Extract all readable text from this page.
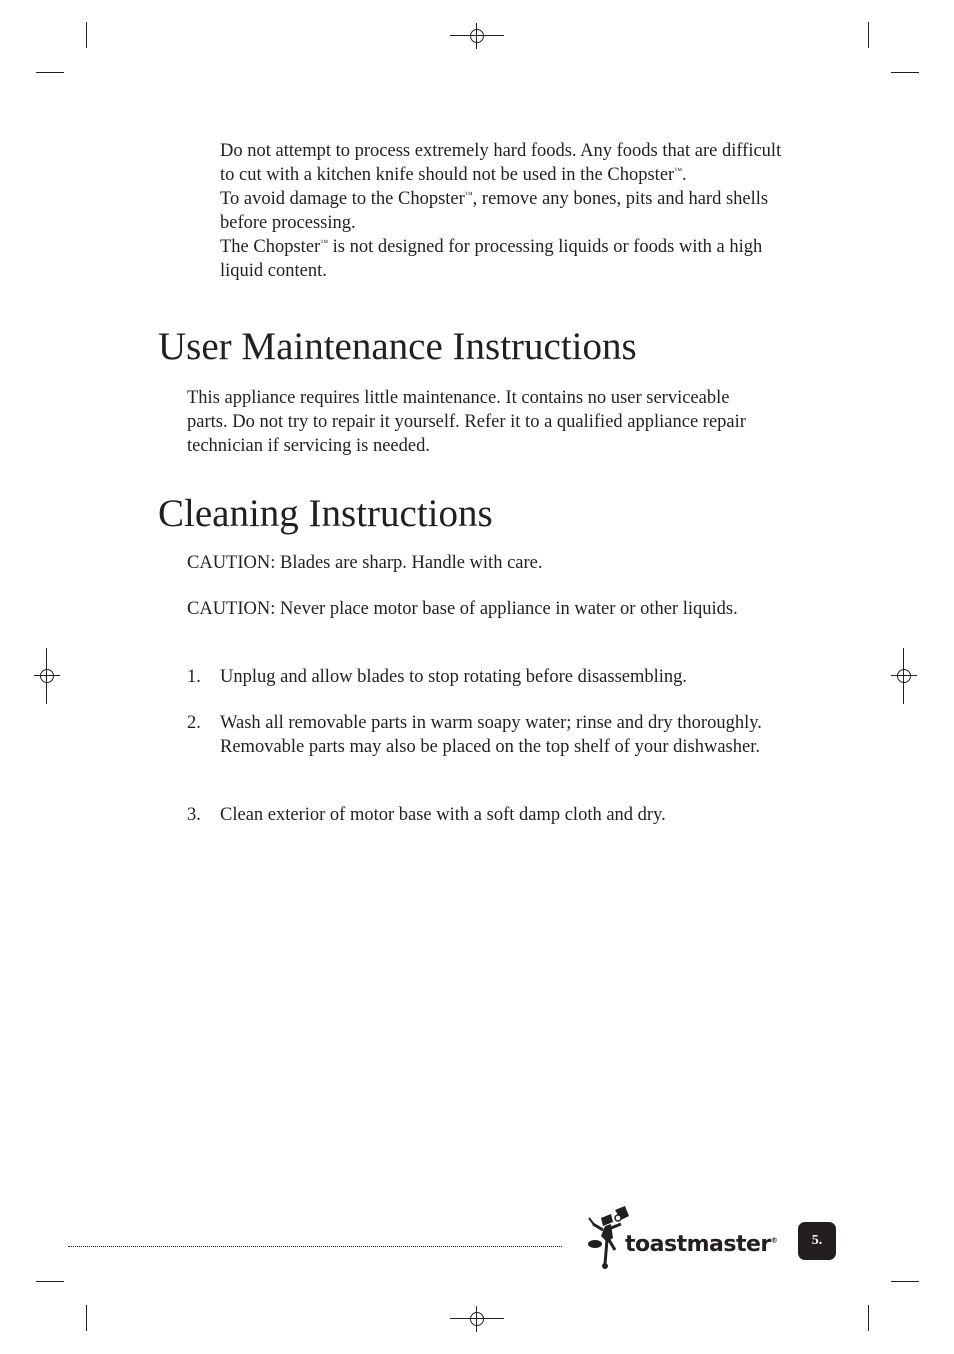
Do not attempt to process extremely hard foods. Any foods that are difficult to cut with a kitchen knife should not be used in the Chopster™.

To avoid damage to the Chopster™, remove any bones, pits and hard shells before processing.

The Chopster™ is not designed for processing liquids or foods with a high liquid content.

User Maintenance Instructions
This appliance requires little maintenance. It contains no user serviceable parts. Do not try to repair it yourself. Refer it to a qualified appliance repair technician if servicing is needed.
Cleaning Instructions
CAUTION: Blades are sharp. Handle with care.
CAUTION: Never place motor base of appliance in water or other liquids.
1. Unplug and allow blades to stop rotating before disassembling.
2. Wash all removable parts in warm soapy water; rinse and dry thoroughly. Removable parts may also be placed on the top shelf of your dishwasher.
3. Clean exterior of motor base with a soft damp cloth and dry.
toastmaster®	5.
